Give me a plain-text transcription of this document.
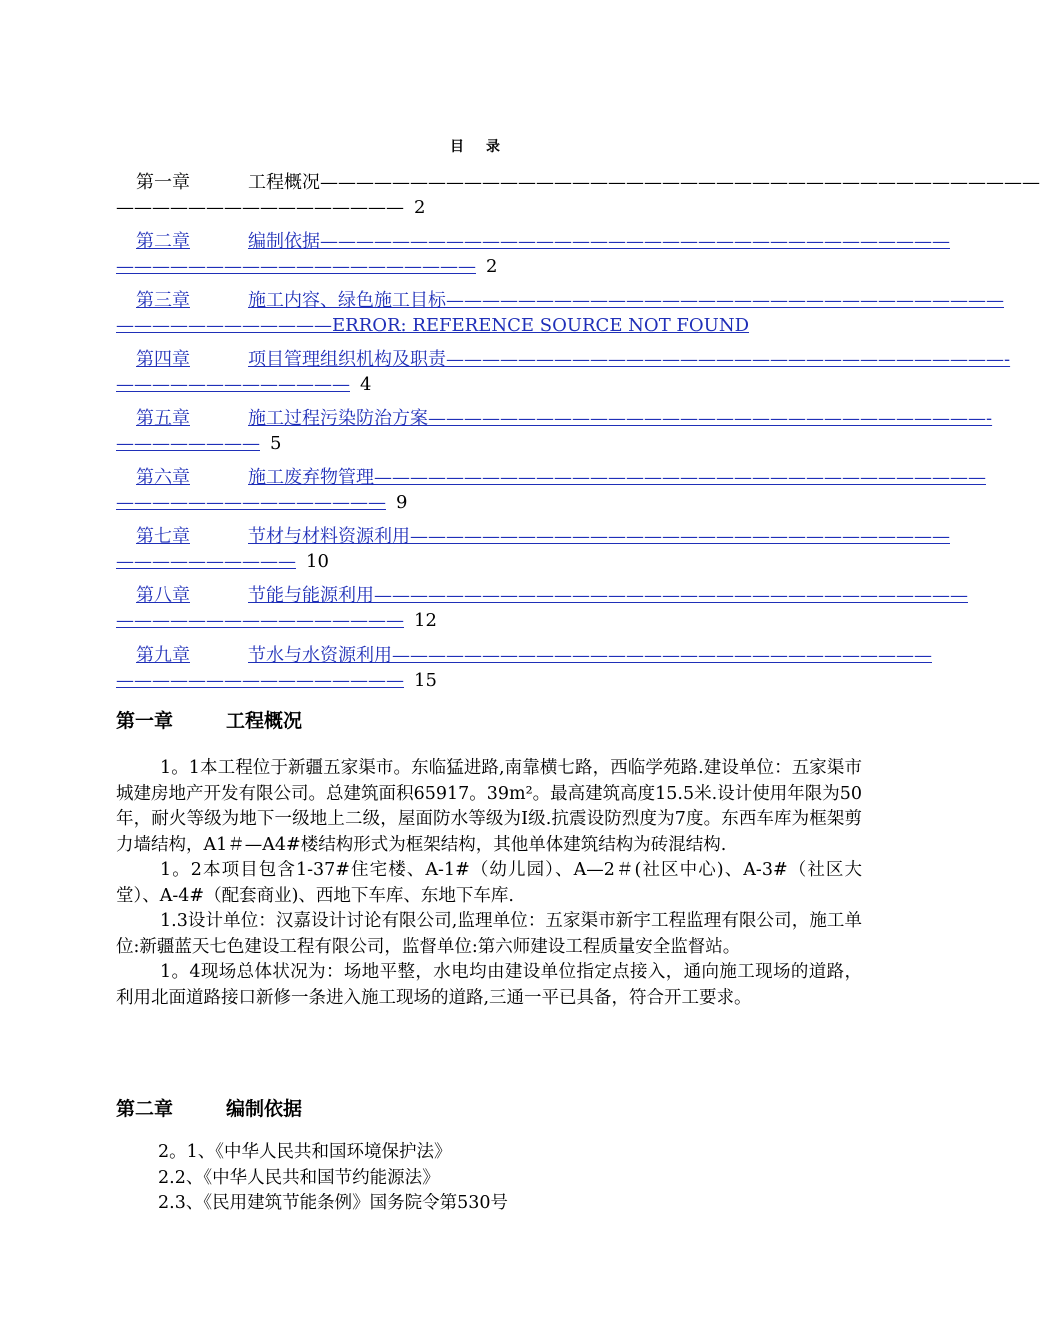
目录
第一章	工程概况————————————————————————————————————————
———————————————— 2
第二章	编制依据———————————————————————————————————
———————————————————— 2
第三章	施工内容、绿色施工目标———————————————————————————————
————————————ERROR: REFERENCE SOURCE NOT FOUND
第四章	项目管理组织机构及职责———————————————————————————————-
————————————— 4
第五章	施工过程污染防治方案———————————————————————————————-
———————— 5
第六章	施工废弃物管理——————————————————————————————————
——————————————— 9
第七章	节材与材料资源利用——————————————————————————————
—————————— 10
第八章	节能与能源利用—————————————————————————————————
———————————————— 12
第九章	节水与水资源利用——————————————————————————————
———————————————— 15
第一章	工程概况

1。1本工程位于新疆五家渠市。东临猛进路,南靠横七路，西临学苑路.建设单位：五家渠市城建房地产开发有限公司。总建筑面积65917。39m²。最高建筑高度15.5米.设计使用年限为50年，耐火等级为地下一级地上二级，屋面防水等级为Ⅰ级.抗震设防烈度为7度。东西车库为框架剪力墙结构，A1＃—A4#楼结构形式为框架结构，其他单体建筑结构为砖混结构.

1。2本项目包含1-37#住宅楼、A-1#（幼儿园）、A—2＃(社区中心)、A-3#（社区大堂）、A-4#（配套商业)、西地下车库、东地下车库.

1.3设计单位：汉嘉设计讨论有限公司,监理单位：五家渠市新宇工程监理有限公司，施工单位:新疆蓝天七色建设工程有限公司，监督单位:第六师建设工程质量安全监督站。

1。4现场总体状况为：场地平整，水电均由建设单位指定点接入，通向施工现场的道路，利用北面道路接口新修一条进入施工现场的道路,三通一平已具备，符合开工要求。

第二章	编制依据
2。1、《中华人民共和国环境保护法》
2.2、《中华人民共和国节约能源法》
2.3、《民用建筑节能条例》国务院令第530号
